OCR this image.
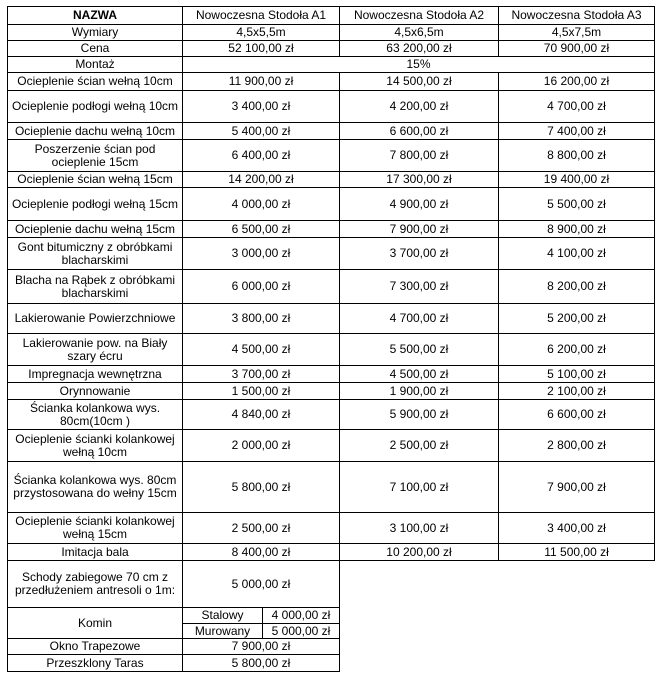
NAZWA	Nowoczesna Stodoła A1		Nowoczesna Stodoła A2	Nowoczesna Stodoła A3
Wymiary	4,5x5,5m		4,5x6,5m	4,5x7,5m
Cena	52 100,00 zł		63 200,00 zł	70 900,00 zł
Montaż	15%			
Ocieplenie ścian wełną 10cm	11 900,00 zł		14 500,00 zł	16 200,00 zł
Ocieplenie podłogi wełną 10cm	3 400,00 zł		4 200,00 zł	4 700,00 zł
Ocieplenie dachu wełną 10cm	5 400,00 zł		6 600,00 zł	7 400,00 zł
Poszerzenie ścian pod ocieplenie 15cm	6 400,00 zł		7 800,00 zł	8 800,00 zł
Ocieplenie ścian wełną 15cm	14 200,00 zł		17 300,00 zł	19 400,00 zł
Ocieplenie podłogi wełną 15cm	4 000,00 zł		4 900,00 zł	5 500,00 zł
Ocieplenie dachu wełną 15cm	6 500,00 zł		7 900,00 zł	8 900,00 zł
Gont bitumiczny z obróbkami blacharskimi	3 000,00 zł		3 700,00 zł	4 100,00 zł
Blacha na Rąbek z obróbkami blacharskimi	6 000,00 zł		7 300,00 zł	8 200,00 zł
Lakierowanie Powierzchniowe	3 800,00 zł		4 700,00 zł	5 200,00 zł
Lakierowanie pow. na Biały szary écru	4 500,00 zł		5 500,00 zł	6 200,00 zł
Impregnacja wewnętrzna	3 700,00 zł		4 500,00 zł	5 100,00 zł
Orynnowanie	1 500,00 zł		1 900,00 zł	2 100,00 zł
Ścianka kolankowa wys. 80cm(10cm )	4 840,00 zł		5 900,00 zł	6 600,00 zł
Ocieplenie ścianki kolankowej wełną 10cm	2 000,00 zł		2 500,00 zł	2 800,00 zł
Ścianka kolankowa wys. 80cm przystosowana do wełny 15cm	5 800,00 zł		7 100,00 zł	7 900,00 zł
Ocieplenie ścianki kolankowej wełną 15cm	2 500,00 zł		3 100,00 zł	3 400,00 zł
Imitacja bala	8 400,00 zł		10 200,00 zł	11 500,00 zł
Schody zabiegowe 70 cm z przedłużeniem antresoli o 1m:	5 000,00 zł			
Komin	Stalowy	4 000,00 zł		
	Murowany	5 000,00 zł		
Okno Trapezowe	7 900,00 zł			
Przeszklony Taras	5 800,00 zł			
